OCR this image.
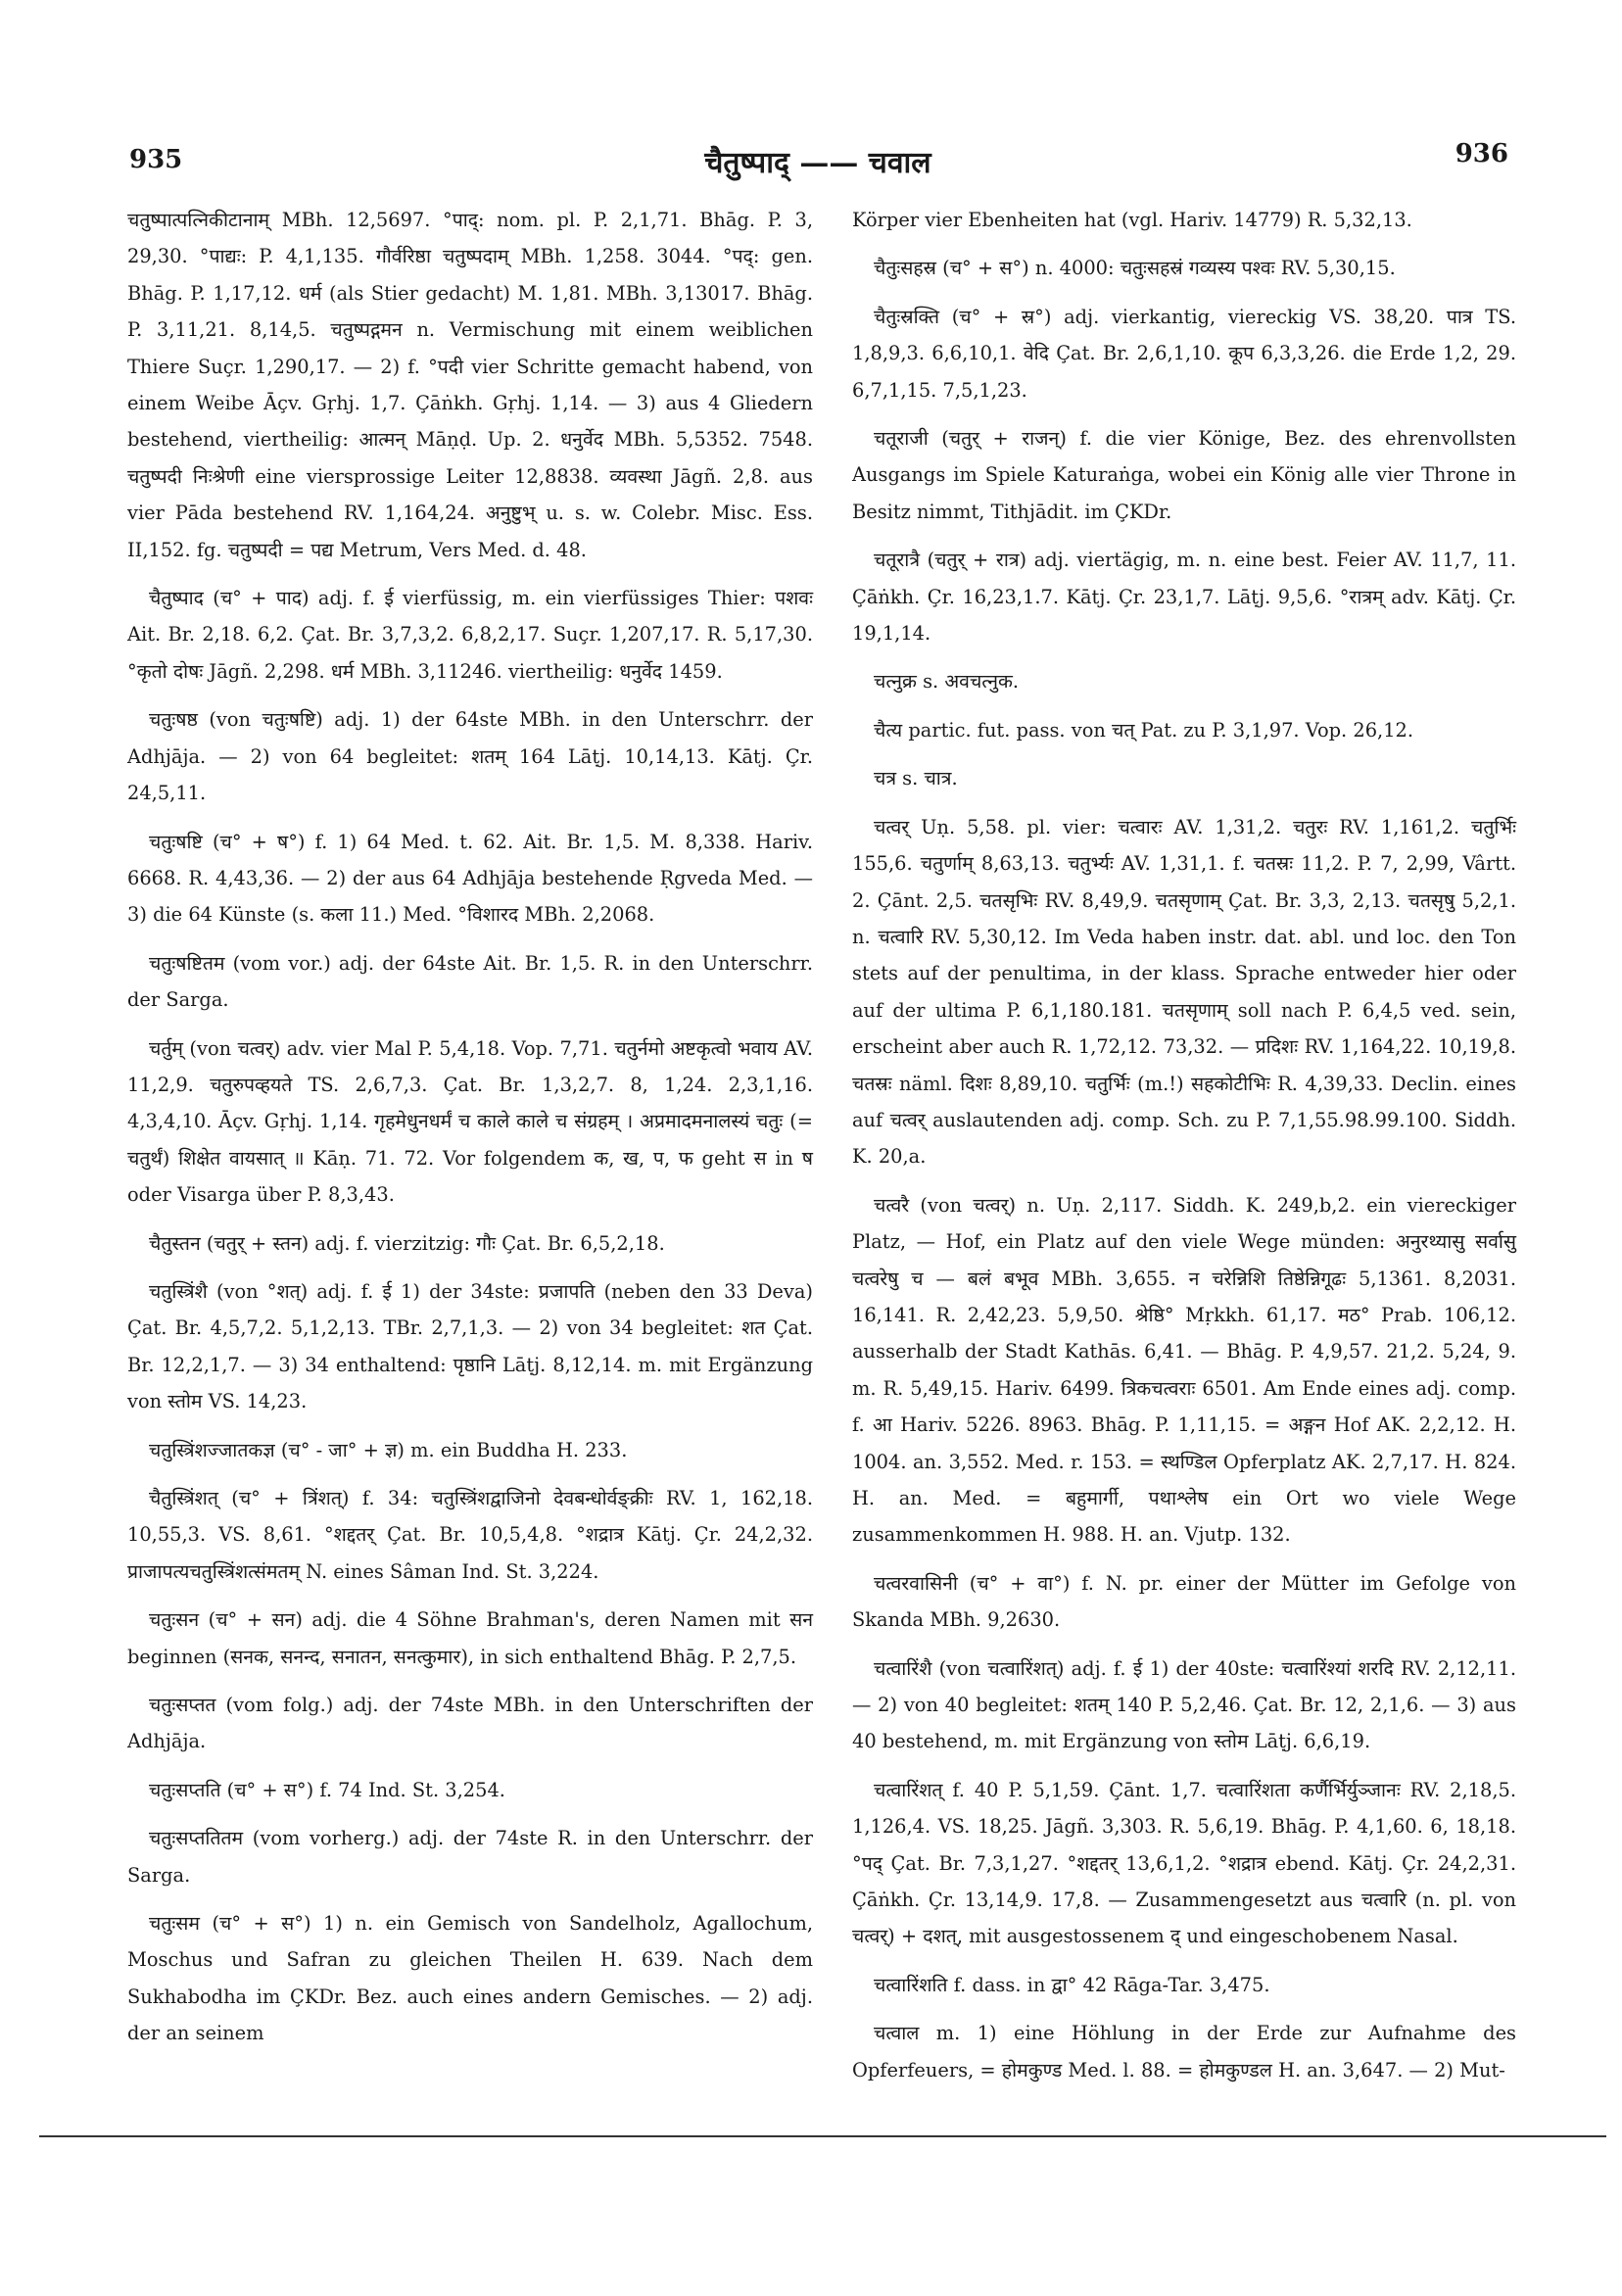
935	चैतुष्पाद् —— चवाल	936

चतुष्पात्पत्निकीटानाम् MBh. 12,5697. °पाद्: nom. pl. P. 2,1,71. Bhāg. P. 3, 29,30. °पाद्यः: P. 4,1,135. गौर्वरिष्ठा चतुष्पदाम् MBh. 1,258. 3044. °पद्: gen. Bhāg. P. 1,17,12. धर्म (als Stier gedacht) M. 1,81. MBh. 3,13017. Bhāg. P. 3,11,21. 8,14,5. चतुष्पद्गमन n. Vermischung mit einem weiblichen Thiere Suçr. 1,290,17. — 2) f. °पदी vier Schritte gemacht habend, von einem Weibe Āçv. Gṛhj. 1,7. Çāṅkh. Gṛhj. 1,14. — 3) aus 4 Gliedern bestehend, viertheilig: आत्मन् Māṇḍ. Up. 2. धनुर्वेद MBh. 5,5352. 7548. चतुष्पदी निःश्रेणी eine viersprossige Leiter 12,8838. व्यवस्था Jāgñ. 2,8. aus vier Pāda bestehend RV. 1,164,24. अनुष्टुभ् u. s. w. Colebr. Misc. Ess. II,152. fg. चतुष्पदी = पद्य Metrum, Vers Med. d. 48.

चैतुष्पाद (च° + पाद) adj. f. ई vierfüssig, m. ein vierfüssiges Thier: पशवः Ait. Br. 2,18. 6,2. Çat. Br. 3,7,3,2. 6,8,2,17. Suçr. 1,207,17. R. 5,17,30. °कृतो दोषः Jāgñ. 2,298. धर्म MBh. 3,11246. viertheilig: धनुर्वेद 1459.

चतुःषष्ठ (von चतुःषष्टि) adj. 1) der 64ste MBh. in den Unterschrr. der Adhjāja. — 2) von 64 begleitet: शतम् 164 Lāṭj. 10,14,13. Kātj. Çr. 24,5,11.

चतुःषष्टि (च° + ष°) f. 1) 64 Med. t. 62. Ait. Br. 1,5. M. 8,338. Hariv. 6668. R. 4,43,36. — 2) der aus 64 Adhjāja bestehende Ṛgveda Med. — 3) die 64 Künste (s. कला 11.) Med. °विशारद MBh. 2,2068.

चतुःषष्टितम (vom vor.) adj. der 64ste Ait. Br. 1,5. R. in den Unterschrr. der Sarga.

चर्तुम् (von चत्वर्) adv. vier Mal P. 5,4,18. Vop. 7,71. चतुर्नमो अष्टकृत्वो भवाय AV. 11,2,9. चतुरुपव्हयते TS. 2,6,7,3. Çat. Br. 1,3,2,7. 8, 1,24. 2,3,1,16. 4,3,4,10. Āçv. Gṛhj. 1,14. गृहमेधुनधर्मं च काले काले च संग्रहम् । अप्रमादमनालस्यं चतुः (= चतुर्थं) शिक्षेत वायसात् ॥ Kāṇ. 71. 72. Vor folgendem क, ख, प, फ geht स in ष oder Visarga über P. 8,3,43.

चैतुस्तन (चतुर् + स्तन) adj. f. vierzitzig: गौः Çat. Br. 6,5,2,18.

चतुस्त्रिंशै (von °शत्) adj. f. ई 1) der 34ste: प्रजापति (neben den 33 Deva) Çat. Br. 4,5,7,2. 5,1,2,13. TBr. 2,7,1,3. — 2) von 34 begleitet: शत Çat. Br. 12,2,1,7. — 3) 34 enthaltend: पृष्ठानि Lāṭj. 8,12,14. m. mit Ergänzung von स्तोम VS. 14,23.

चतुस्त्रिंशज्जातकज्ञ (च° - जा° + ज्ञ) m. ein Buddha H. 233.

चैतुस्त्रिंशत् (च° + त्रिंशत्) f. 34: चतुस्त्रिंशद्वाजिनो देवबन्धोर्वङ्क्रीः RV. 1, 162,18. 10,55,3. VS. 8,61. °शद्दतर् Çat. Br. 10,5,4,8. °शद्रात्र Kātj. Çr. 24,2,32. प्राजापत्यचतुस्त्रिंशत्संमतम् N. eines Sâman Ind. St. 3,224.

चतुःसन (च° + सन) adj. die 4 Söhne Brahman's, deren Namen mit सन beginnen (सनक, सनन्द, सनातन, सनत्कुमार), in sich enthaltend Bhāg. P. 2,7,5.

चतुःसप्तत (vom folg.) adj. der 74ste MBh. in den Unterschriften der Adhjāja.

चतुःसप्तति (च° + स°) f. 74 Ind. St. 3,254.

चतुःसप्ततितम (vom vorherg.) adj. der 74ste R. in den Unterschrr. der Sarga.

चतुःसम (च° + स°) 1) n. ein Gemisch von Sandelholz, Agallochum, Moschus und Safran zu gleichen Theilen H. 639. Nach dem Sukhabodha im ÇKDr. Bez. auch eines andern Gemisches. — 2) adj. der an seinem

Körper vier Ebenheiten hat (vgl. Hariv. 14779) R. 5,32,13.

चैतुःसहस्र (च° + स°) n. 4000: चतुःसहस्रं गव्यस्य पश्वः RV. 5,30,15.

चैतुःस्रक्ति (च° + स्र°) adj. vierkantig, viereckig VS. 38,20. पात्र TS. 1,8,9,3. 6,6,10,1. वेदि Çat. Br. 2,6,1,10. कूप 6,3,3,26. die Erde 1,2, 29. 6,7,1,15. 7,5,1,23.

चतूराजी (चतुर् + राजन्) f. die vier Könige, Bez. des ehrenvollsten Ausgangs im Spiele Katuraṅga, wobei ein König alle vier Throne in Besitz nimmt, Tithjādit. im ÇKDr.

चतूरात्रै (चतुर् + रात्र) adj. viertägig, m. n. eine best. Feier AV. 11,7, 11. Çāṅkh. Çr. 16,23,1.7. Kātj. Çr. 23,1,7. Lāṭj. 9,5,6. °रात्रम् adv. Kātj. Çr. 19,1,14.

चत्नुक्र s. अवचत्नुक.

चैत्य partic. fut. pass. von चत् Pat. zu P. 3,1,97. Vop. 26,12.

चत्र s. चात्र.

चत्वर् Uṇ. 5,58. pl. vier: चत्वारः AV. 1,31,2. चतुरः RV. 1,161,2. चतुर्भिः 155,6. चतुर्णाम् 8,63,13. चतुर्भ्यः AV. 1,31,1. f. चतस्रः 11,2. P. 7, 2,99, Vârtt. 2. Çānt. 2,5. चतसृभिः RV. 8,49,9. चतसृणाम् Çat. Br. 3,3, 2,13. चतसृषु 5,2,1. n. चत्वारि RV. 5,30,12. Im Veda haben instr. dat. abl. und loc. den Ton stets auf der penultima, in der klass. Sprache entweder hier oder auf der ultima P. 6,1,180.181. चतसृणाम् soll nach P. 6,4,5 ved. sein, erscheint aber auch R. 1,72,12. 73,32. — प्रदिशः RV. 1,164,22. 10,19,8. चतस्रः näml. दिशः 8,89,10. चतुर्भिः (m.!) सहकोटीभिः R. 4,39,33. Declin. eines auf चत्वर् auslautenden adj. comp. Sch. zu P. 7,1,55.98.99.100. Siddh. K. 20,a.

चत्वरै (von चत्वर्) n. Uṇ. 2,117. Siddh. K. 249,b,2. ein viereckiger Platz, — Hof, ein Platz auf den viele Wege münden: अनुरथ्यासु सर्वासु चत्वरेषु च — बलं बभूव MBh. 3,655. न चरेन्निशि तिष्ठेन्निगूढः 5,1361. 8,2031. 16,141. R. 2,42,23. 5,9,50. श्रेष्ठि° Mṛkkh. 61,17. मठ° Prab. 106,12. ausserhalb der Stadt Kathās. 6,41. — Bhāg. P. 4,9,57. 21,2. 5,24, 9. m. R. 5,49,15. Hariv. 6499. त्रिकचत्वराः 6501. Am Ende eines adj. comp. f. आ Hariv. 5226. 8963. Bhāg. P. 1,11,15. = अङ्गन Hof AK. 2,2,12. H. 1004. an. 3,552. Med. r. 153. = स्थण्डिल Opferplatz AK. 2,7,17. H. 824. H. an. Med. = बहुमार्गी, पथाश्लेष ein Ort wo viele Wege zusammenkommen H. 988. H. an. Vjutp. 132.

चत्वरवासिनी (च° + वा°) f. N. pr. einer der Mütter im Gefolge von Skanda MBh. 9,2630.

चत्वारिंशै (von चत्वारिंशत्) adj. f. ई 1) der 40ste: चत्वारिंश्यां शरदि RV. 2,12,11. — 2) von 40 begleitet: शतम् 140 P. 5,2,46. Çat. Br. 12, 2,1,6. — 3) aus 40 bestehend, m. mit Ergänzung von स्तोम Lāṭj. 6,6,19.

चत्वारिंशत् f. 40 P. 5,1,59. Çānt. 1,7. चत्वारिंशता कर्णैर्भिर्युञ्जानः RV. 2,18,5. 1,126,4. VS. 18,25. Jāgñ. 3,303. R. 5,6,19. Bhāg. P. 4,1,60. 6, 18,18. °पद् Çat. Br. 7,3,1,27. °शद्दतर् 13,6,1,2. °शद्रात्र ebend. Kātj. Çr. 24,2,31. Çāṅkh. Çr. 13,14,9. 17,8. — Zusammengesetzt aus चत्वारि (n. pl. von चत्वर्) + दशत्, mit ausgestossenem द् und eingeschobenem Nasal.

चत्वारिंशति f. dass. in द्वा° 42 Rāga-Tar. 3,475.

चत्वाल m. 1) eine Höhlung in der Erde zur Aufnahme des Opferfeuers, = होमकुण्ड Med. l. 88. = होमकुण्डल H. an. 3,647. — 2) Mut-
